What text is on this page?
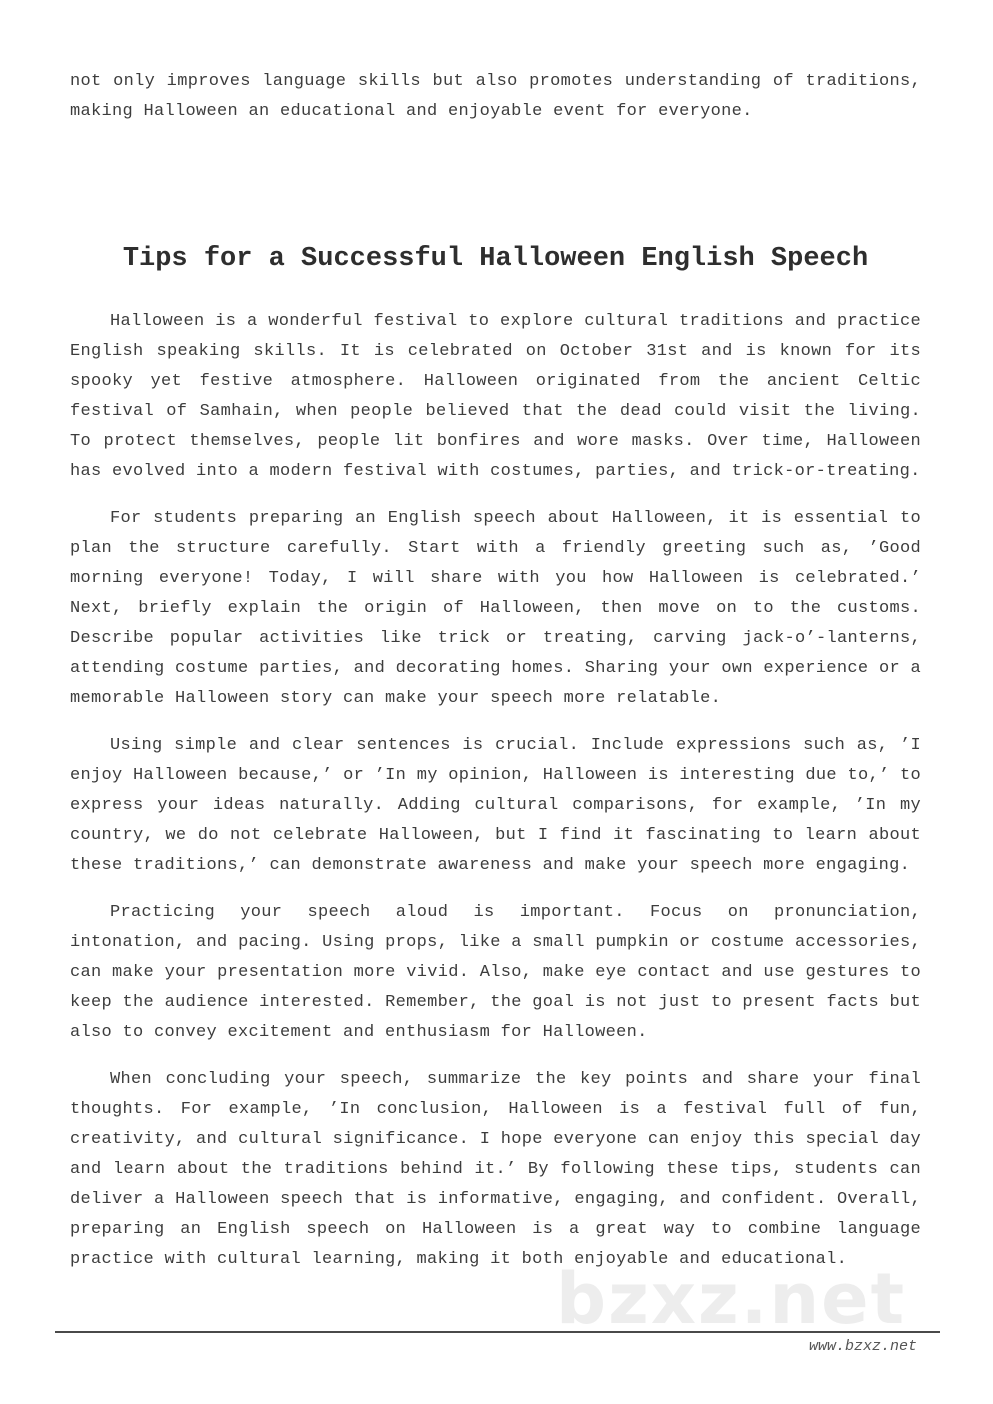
not only improves language skills but also promotes understanding of traditions, making Halloween an educational and enjoyable event for everyone.

Tips for a Successful Halloween English Speech

Halloween is a wonderful festival to explore cultural traditions and practice English speaking skills. It is celebrated on October 31st and is known for its spooky yet festive atmosphere. Halloween originated from the ancient Celtic festival of Samhain, when people believed that the dead could visit the living. To protect themselves, people lit bonfires and wore masks. Over time, Halloween has evolved into a modern festival with costumes, parties, and trick-or-treating.

For students preparing an English speech about Halloween, it is essential to plan the structure carefully. Start with a friendly greeting such as, ’Good morning everyone! Today, I will share with you how Halloween is celebrated.’ Next, briefly explain the origin of Halloween, then move on to the customs. Describe popular activities like trick or treating, carving jack-o’-lanterns, attending costume parties, and decorating homes. Sharing your own experience or a memorable Halloween story can make your speech more relatable.

Using simple and clear sentences is crucial. Include expressions such as, ’I enjoy Halloween because,’ or ’In my opinion, Halloween is interesting due to,’ to express your ideas naturally. Adding cultural comparisons, for example, ’In my country, we do not celebrate Halloween, but I find it fascinating to learn about these traditions,’ can demonstrate awareness and make your speech more engaging.

Practicing your speech aloud is important. Focus on pronunciation, intonation, and pacing. Using props, like a small pumpkin or costume accessories, can make your presentation more vivid. Also, make eye contact and use gestures to keep the audience interested. Remember, the goal is not just to present facts but also to convey excitement and enthusiasm for Halloween.

When concluding your speech, summarize the key points and share your final thoughts. For example, ’In conclusion, Halloween is a festival full of fun, creativity, and cultural significance. I hope everyone can enjoy this special day and learn about the traditions behind it.’ By following these tips, students can deliver a Halloween speech that is informative, engaging, and confident. Overall, preparing an English speech on Halloween is a great way to combine language practice with cultural learning, making it both enjoyable and educational.

bzxz.net
www.bzxz.net
